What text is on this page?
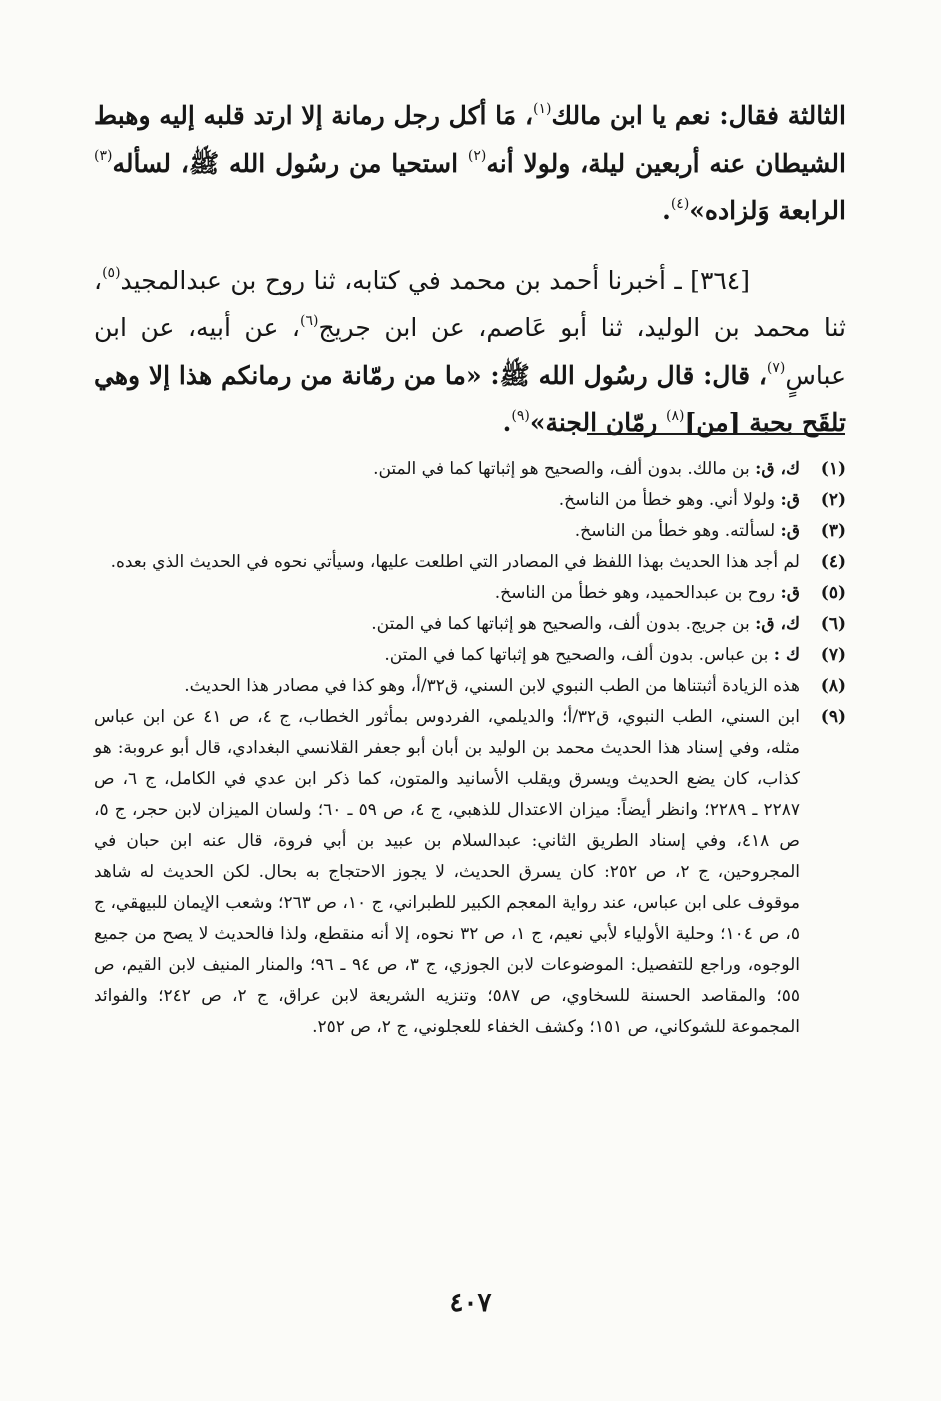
الثالثة فقال: نعم يا ابن مالك$^{(١)}$، مَا أكل رجل رمانة إلا ارتد قلبه إليه وهبط الشيطان عنه أربعين ليلة، ولولا أنه$^{(٢)}$ استحيا من رسُول الله ﷺ، لسأله$^{(٣)}$ الرابعة وَلزاده»$^{(٤)}$.

[٣٦٤] ـ أخبرنا أحمد بن محمد في كتابه، ثنا روح بن عبدالمجيد$^{(٥)}$، ثنا محمد بن الوليد، ثنا أبو عَاصم، عن ابن جريج$^{(٦)}$، عن أبيه، عن ابن عباسٍ$^{(٧)}$، قال: قال رسُول الله ﷺ: «ما من رمّانة من رمانكم هذا إلا وهي تلقَح بحبة [من]$^{(٨)}$ رمّان الجنة»$^{(٩)}$.

(١)
ك، ق: بن مالك. بدون ألف، والصحيح هو إثباتها كما في المتن.
(٢)
ق: ولولا أني. وهو خطأ من الناسخ.
(٣)
ق: لسألته. وهو خطأ من الناسخ.
(٤)
لم أجد هذا الحديث بهذا اللفظ في المصادر التي اطلعت عليها، وسيأتي نحوه في الحديث الذي بعده.
(٥)
ق: روح بن عبدالحميد، وهو خطأ من الناسخ.
(٦)
ك، ق: بن جريج. بدون ألف، والصحيح هو إثباتها كما في المتن.
(٧)
ك : بن عباس. بدون ألف، والصحيح هو إثباتها كما في المتن.
(٨)
هذه الزيادة أثبتناها من الطب النبوي لابن السني، ق٣٢/أ، وهو كذا في مصادر هذا الحديث.
(٩)
ابن السني، الطب النبوي، ق٣٢/أ؛ والديلمي، الفردوس بمأثور الخطاب، ج ٤، ص ٤١ عن ابن عباس مثله، وفي إسناد هذا الحديث محمد بن الوليد بن أبان أبو جعفر القلانسي البغدادي، قال أبو عروبة: هو كذاب، كان يضع الحديث ويسرق ويقلب الأسانيد والمتون، كما ذكر ابن عدي في الكامل، ج ٦، ص ٢٢٨٧ ـ ٢٢٨٩؛ وانظر أيضاً: ميزان الاعتدال للذهبي، ج ٤، ص ٥٩ ـ ٦٠؛ ولسان الميزان لابن حجر، ج ٥، ص ٤١٨، وفي إسناد الطريق الثاني: عبدالسلام بن عبيد بن أبي فروة، قال عنه ابن حبان في المجروحين، ج ٢، ص ٢٥٢: كان يسرق الحديث، لا يجوز الاحتجاج به بحال. لكن الحديث له شاهد موقوف على ابن عباس، عند رواية المعجم الكبير للطبراني، ج ١٠، ص ٢٦٣؛ وشعب الإيمان للبيهقي، ج ٥، ص ١٠٤؛ وحلية الأولياء لأبي نعيم، ج ١، ص ٣٢ نحوه، إلا أنه منقطع، ولذا فالحديث لا يصح من جميع الوجوه، وراجع للتفصيل: الموضوعات لابن الجوزي، ج ٣، ص ٩٤ ـ ٩٦؛ والمنار المنيف لابن القيم، ص ٥٥؛ والمقاصد الحسنة للسخاوي، ص ٥٨٧؛ وتنزيه الشريعة لابن عراق، ج ٢، ص ٢٤٢؛ والفوائد المجموعة للشوكاني، ص ١٥١؛ وكشف الخفاء للعجلوني، ج ٢، ص ٢٥٢.
٤٠٧
